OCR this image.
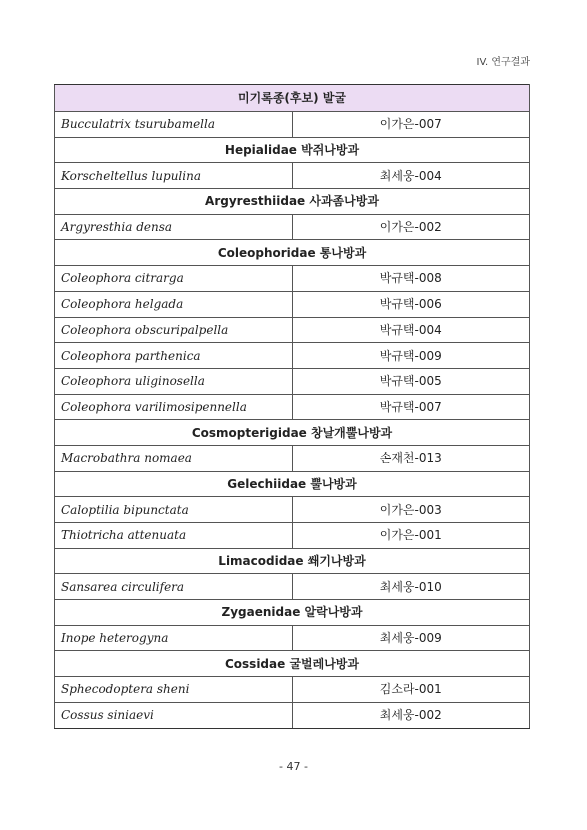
IV. 연구결과
미기록종(후보) 발굴	
Bucculatrix tsurubamella	이가은-007
Hepialidae 박쥐나방과	
Korscheltellus lupulina	최세웅-004
Argyresthiidae 사과좀나방과	
Argyresthia densa	이가은-002
Coleophoridae 통나방과	
Coleophora citrarga	박규택-008
Coleophora helgada	박규택-006
Coleophora obscuripalpella	박규택-004
Coleophora parthenica	박규택-009
Coleophora uliginosella	박규택-005
Coleophora varilimosipennella	박규택-007
Cosmopterigidae 창날개뿔나방과	
Macrobathra nomaea	손재천-013
Gelechiidae 뿔나방과	
Caloptilia bipunctata	이가은-003
Thiotricha attenuata	이가은-001
Limacodidae 쐐기나방과	
Sansarea circulifera	최세웅-010
Zygaenidae 알락나방과	
Inope heterogyna	최세웅-009
Cossidae 굴벌레나방과	
Sphecodoptera sheni	김소라-001
Cossus siniaevi	최세웅-002
- 47 -
